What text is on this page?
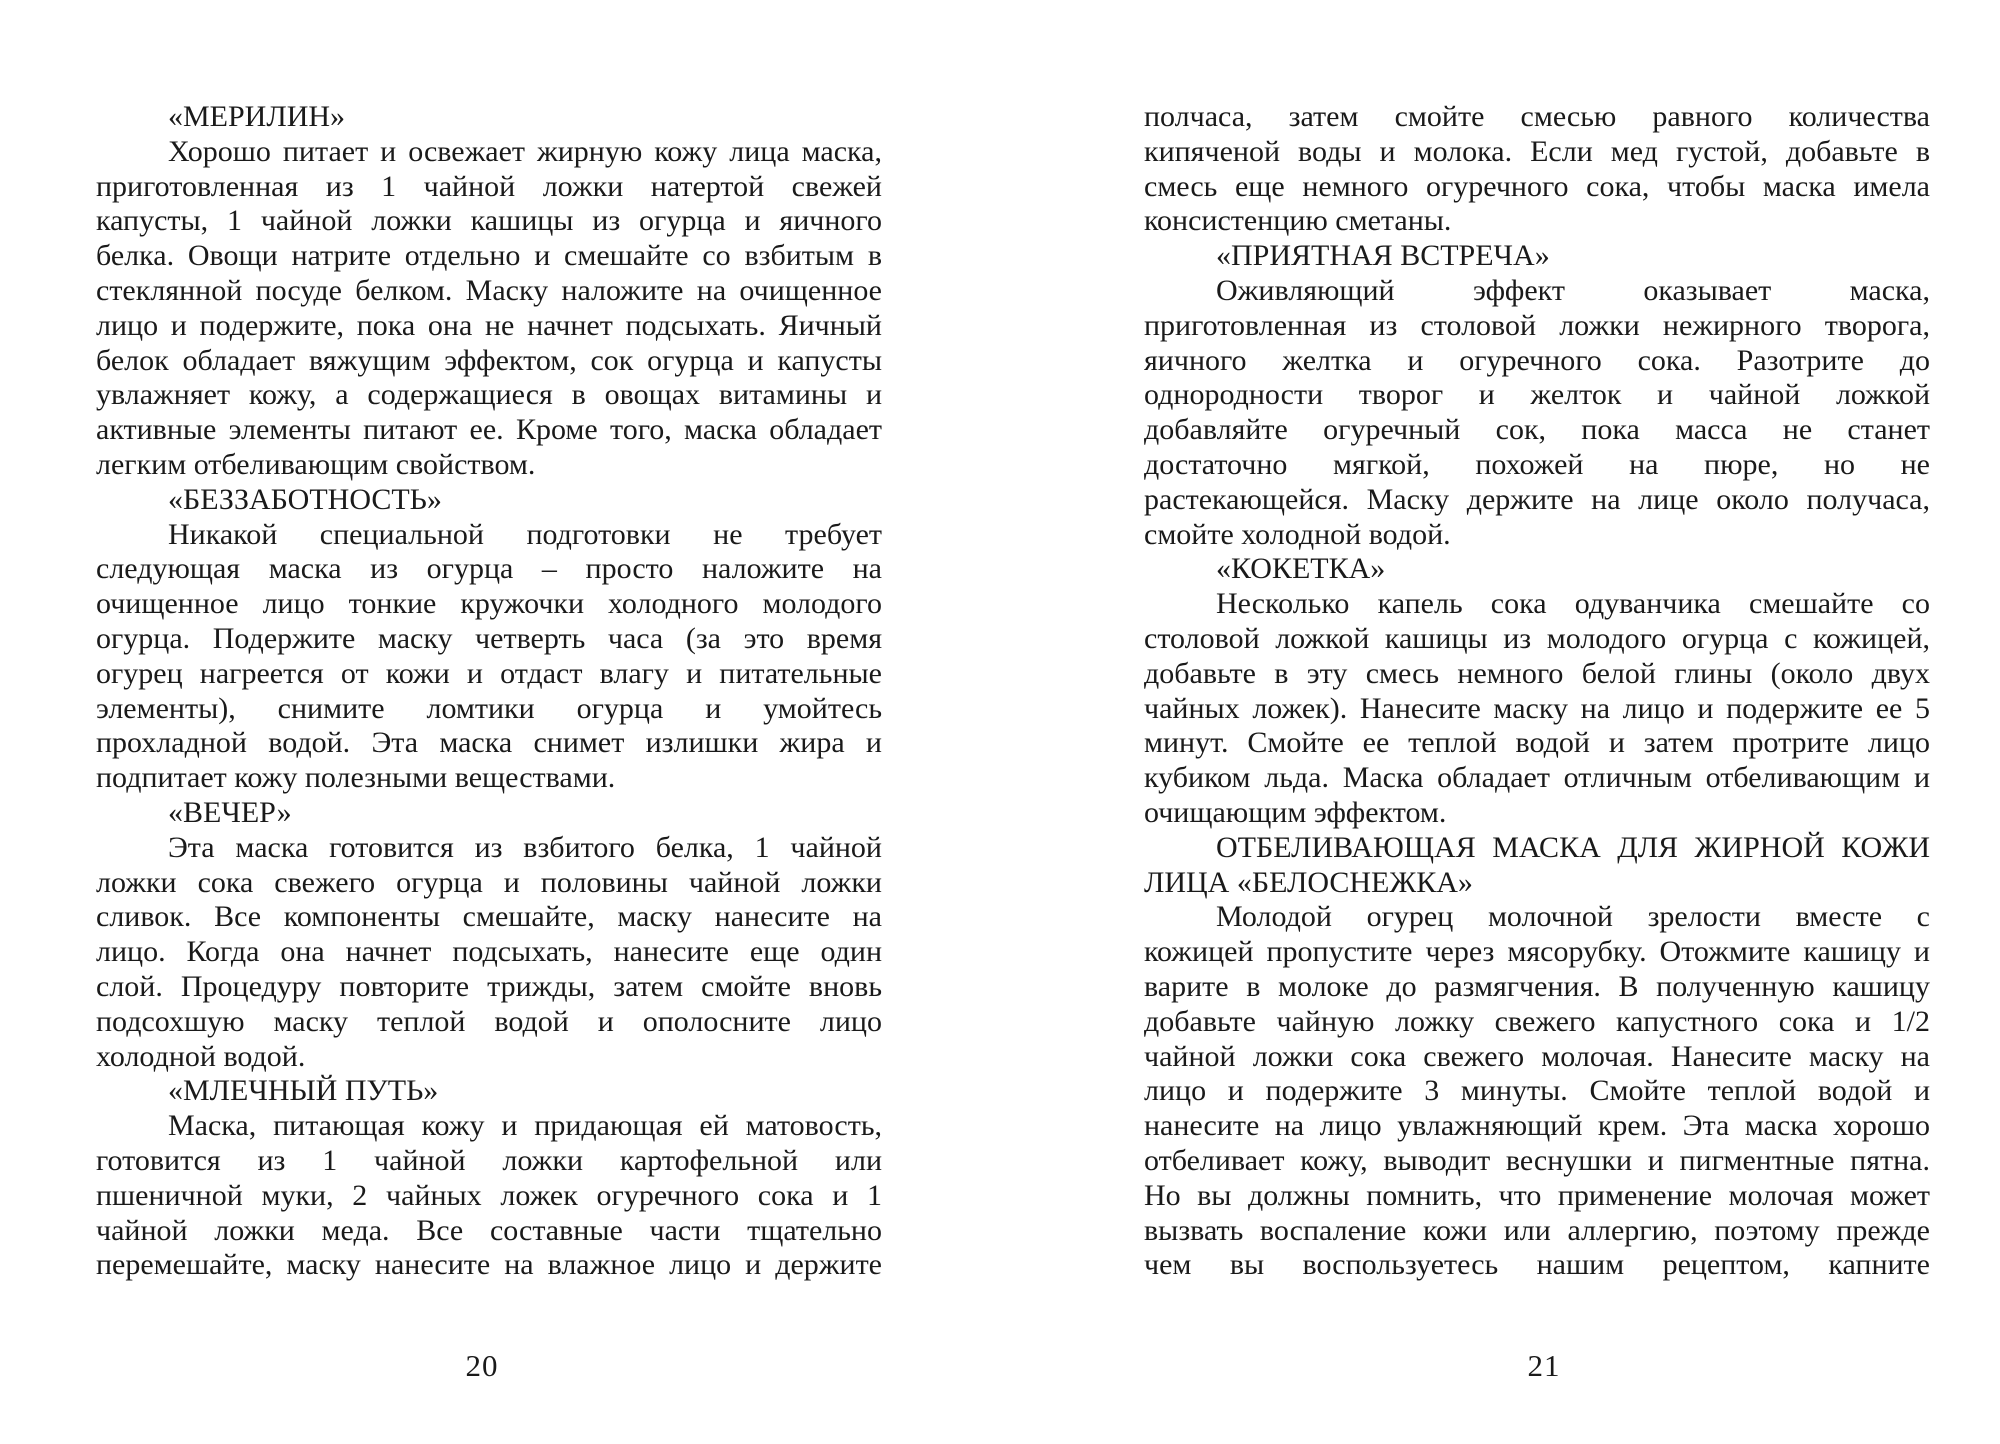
«МЕРИЛИН»
Хорошо питает и освежает жирную кожу лица маска,
приготовленная из 1 чайной ложки натертой свежей
капусты, 1 чайной ложки кашицы из огурца и яичного
белка. Овощи натрите отдельно и смешайте со взбитым в
стеклянной посуде белком. Маску наложите на очищенное
лицо и подержите, пока она не начнет подсыхать. Яичный
белок обладает вяжущим эффектом, сок огурца и капусты
увлажняет кожу, а содержащиеся в овощах витамины и
активные элементы питают ее. Кроме того, маска обладает
легким отбеливающим свойством.
«БЕЗЗАБОТНОСТЬ»
Никакой специальной подготовки не требует
следующая маска из огурца – просто наложите на
очищенное лицо тонкие кружочки холодного молодого
огурца. Подержите маску четверть часа (за это время
огурец нагреется от кожи и отдаст влагу и питательные
элементы), снимите ломтики огурца и умойтесь
прохладной водой. Эта маска снимет излишки жира и
подпитает кожу полезными веществами.
«ВЕЧЕР»
Эта маска готовится из взбитого белка, 1 чайной
ложки сока свежего огурца и половины чайной ложки
сливок. Все компоненты смешайте, маску нанесите на
лицо. Когда она начнет подсыхать, нанесите еще один
слой. Процедуру повторите трижды, затем смойте вновь
подсохшую маску теплой водой и ополосните лицо
холодной водой.
«МЛЕЧНЫЙ ПУТЬ»
Маска, питающая кожу и придающая ей матовость,
готовится из 1 чайной ложки картофельной или
пшеничной муки, 2 чайных ложек огуречного сока и 1
чайной ложки меда. Все составные части тщательно
перемешайте, маску нанесите на влажное лицо и держите
полчаса, затем смойте смесью равного количества
кипяченой воды и молока. Если мед густой, добавьте в
смесь еще немного огуречного сока, чтобы маска имела
консистенцию сметаны.
«ПРИЯТНАЯ ВСТРЕЧА»
Оживляющий эффект оказывает маска,
приготовленная из столовой ложки нежирного творога,
яичного желтка и огуречного сока. Разотрите до
однородности творог и желток и чайной ложкой
добавляйте огуречный сок, пока масса не станет
достаточно мягкой, похожей на пюре, но не
растекающейся. Маску держите на лице около получаса,
смойте холодной водой.
«КОКЕТКА»
Несколько капель сока одуванчика смешайте со
столовой ложкой кашицы из молодого огурца с кожицей,
добавьте в эту смесь немного белой глины (около двух
чайных ложек). Нанесите маску на лицо и подержите ее 5
минут. Смойте ее теплой водой и затем протрите лицо
кубиком льда. Маска обладает отличным отбеливающим и
очищающим эффектом.
ОТБЕЛИВАЮЩАЯ МАСКА ДЛЯ ЖИРНОЙ КОЖИ
ЛИЦА «БЕЛОСНЕЖКА»
Молодой огурец молочной зрелости вместе с
кожицей пропустите через мясорубку. Отожмите кашицу и
варите в молоке до размягчения. В полученную кашицу
добавьте чайную ложку свежего капустного сока и 1/2
чайной ложки сока свежего молочая. Нанесите маску на
лицо и подержите 3 минуты. Смойте теплой водой и
нанесите на лицо увлажняющий крем. Эта маска хорошо
отбеливает кожу, выводит веснушки и пигментные пятна.
Но вы должны помнить, что применение молочая может
вызвать воспаление кожи или аллергию, поэтому прежде
чем вы воспользуетесь нашим рецептом, капните
20	21
